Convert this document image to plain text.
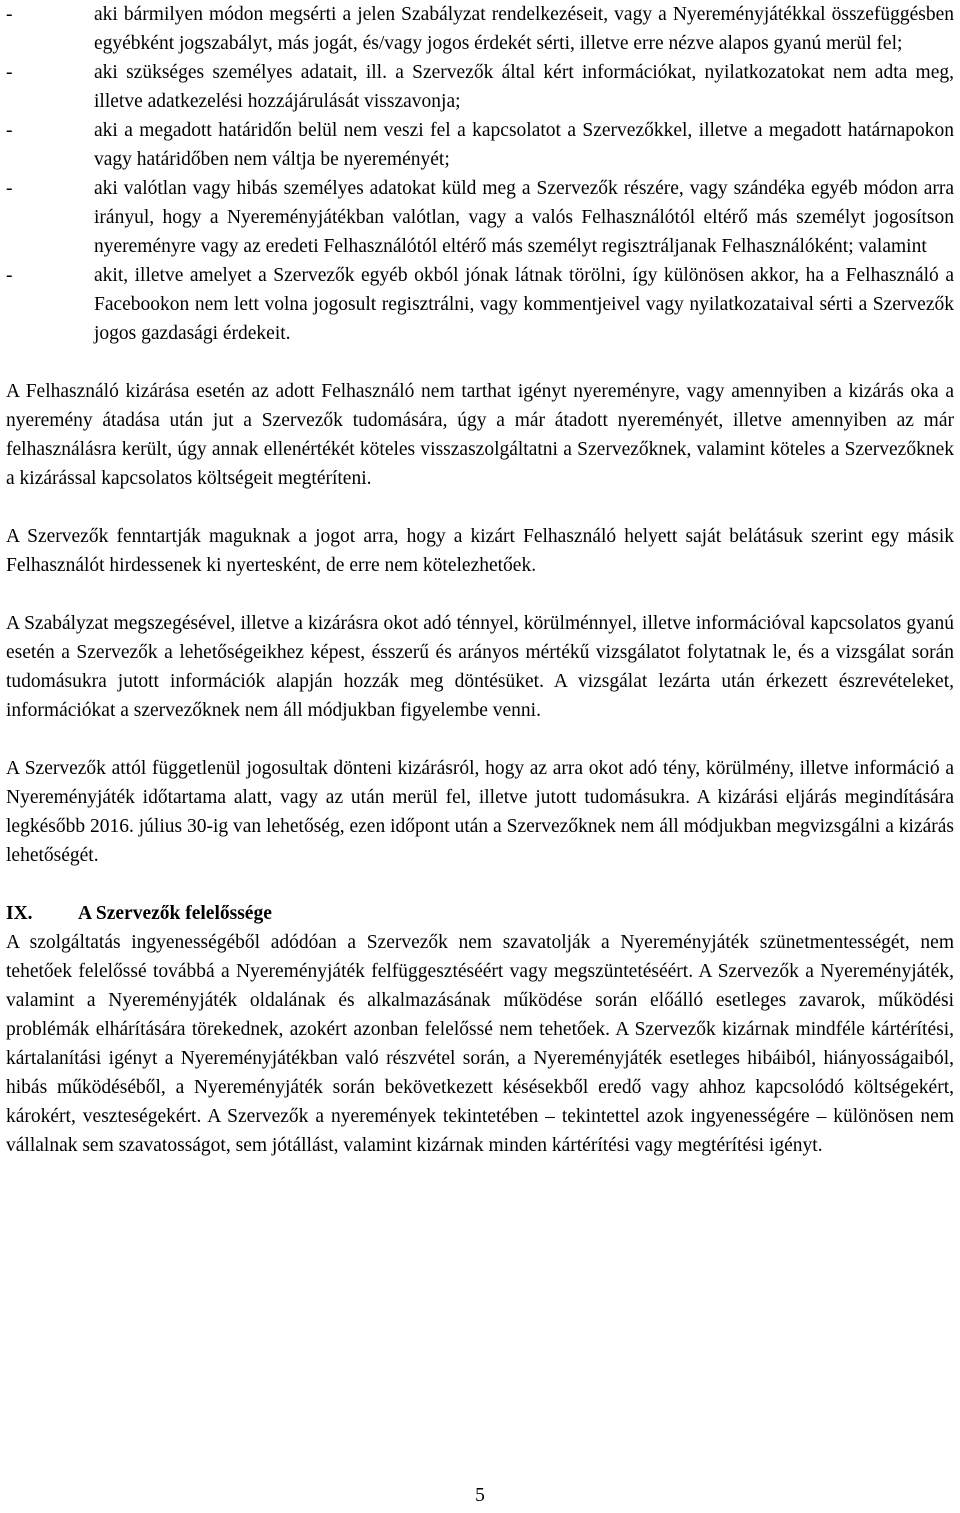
-	aki bármilyen módon megsérti a jelen Szabályzat rendelkezéseit, vagy a Nyereményjátékkal összefüggésben egyébként jogszabályt, más jogát, és/vagy jogos érdekét sérti, illetve erre nézve alapos gyanú merül fel;
-	aki szükséges személyes adatait, ill. a Szervezők által kért információkat, nyilatkozatokat nem adta meg, illetve adatkezelési hozzájárulását visszavonja;
-	aki a megadott határidőn belül nem veszi fel a kapcsolatot a Szervezőkkel, illetve a megadott határnapokon vagy határidőben nem váltja be nyereményét;
-	aki valótlan vagy hibás személyes adatokat küld meg a Szervezők részére, vagy szándéka egyéb módon arra irányul, hogy a Nyereményjátékban valótlan, vagy a valós Felhasználótól eltérő más személyt jogosítson nyereményre vagy az eredeti Felhasználótól eltérő más személyt regisztráljanak Felhasználóként; valamint
-	akit, illetve amelyet a Szervezők egyéb okból jónak látnak törölni, így különösen akkor, ha a Felhasználó a Facebookon nem lett volna jogosult regisztrálni, vagy kommentjeivel vagy nyilatkozataival sérti a Szervezők jogos gazdasági érdekeit.

A Felhasználó kizárása esetén az adott Felhasználó nem tarthat igényt nyereményre, vagy amennyiben a kizárás oka a nyeremény átadása után jut a Szervezők tudomására, úgy a már átadott nyereményét, illetve amennyiben az már felhasználásra került, úgy annak ellenértékét köteles visszaszolgáltatni a Szervezőknek, valamint köteles a Szervezőknek a kizárással kapcsolatos költségeit megtéríteni.

A Szervezők fenntartják maguknak a jogot arra, hogy a kizárt Felhasználó helyett saját belátásuk szerint egy másik Felhasználót hirdessenek ki nyertesként, de erre nem kötelezhetőek.

A Szabályzat megszegésével, illetve a kizárásra okot adó ténnyel, körülménnyel, illetve információval kapcsolatos gyanú esetén a Szervezők a lehetőségeikhez képest, ésszerű és arányos mértékű vizsgálatot folytatnak le, és a vizsgálat során tudomásukra jutott információk alapján hozzák meg döntésüket. A vizsgálat lezárta után érkezett észrevételeket, információkat a szervezőknek nem áll módjukban figyelembe venni.

A Szervezők attól függetlenül jogosultak dönteni kizárásról, hogy az arra okot adó tény, körülmény, illetve információ a Nyereményjáték időtartama alatt, vagy az után merül fel, illetve jutott tudomásukra. A kizárási eljárás megindítására legkésőbb 2016. július 30-ig van lehetőség, ezen időpont után a Szervezőknek nem áll módjukban megvizsgálni a kizárás lehetőségét.

IX. A Szervezők felelőssége

A szolgáltatás ingyenességéből adódóan a Szervezők nem szavatolják a Nyereményjáték szünetmentességét, nem tehetőek felelőssé továbbá a Nyereményjáték felfüggesztéséért vagy megszüntetéséért. A Szervezők a Nyereményjáték, valamint a Nyereményjáték oldalának és alkalmazásának működése során előálló esetleges zavarok, működési problémák elhárítására törekednek, azokért azonban felelőssé nem tehetőek. A Szervezők kizárnak mindféle kártérítési, kártalanítási igényt a Nyereményjátékban való részvétel során, a Nyereményjáték esetleges hibáiból, hiányosságaiból, hibás működéséből, a Nyereményjáték során bekövetkezett késésekből eredő vagy ahhoz kapcsolódó költségekért, károkért, veszteségekért. A Szervezők a nyeremények tekintetében – tekintettel azok ingyenességére – különösen nem vállalnak sem szavatosságot, sem jótállást, valamint kizárnak minden kártérítési vagy megtérítési igényt.

5
